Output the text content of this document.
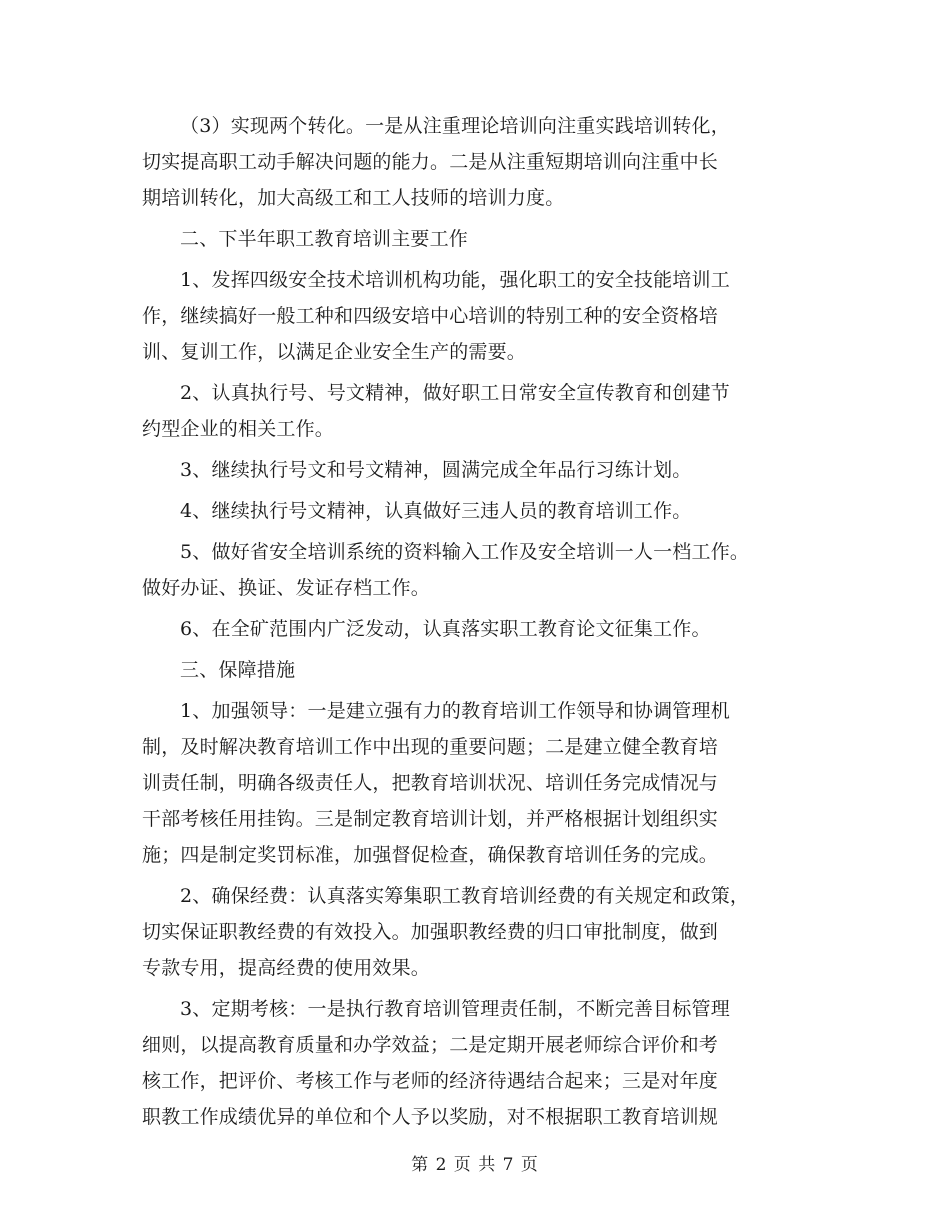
（3）实现两个转化。一是从注重理论培训向注重实践培训转化，
切实提高职工动手解决问题的能力。二是从注重短期培训向注重中长
期培训转化，加大高级工和工人技师的培训力度。

二、下半年职工教育培训主要工作

1、发挥四级安全技术培训机构功能，强化职工的安全技能培训工
作，继续搞好一般工种和四级安培中心培训的特别工种的安全资格培
训、复训工作，以满足企业安全生产的需要。

2、认真执行号、号文精神，做好职工日常安全宣传教育和创建节
约型企业的相关工作。

3、继续执行号文和号文精神，圆满完成全年品行习练计划。

4、继续执行号文精神，认真做好三违人员的教育培训工作。

5、做好省安全培训系统的资料输入工作及安全培训一人一档工作。
做好办证、换证、发证存档工作。

6、在全矿范围内广泛发动，认真落实职工教育论文征集工作。

三、保障措施

1、加强领导：一是建立强有力的教育培训工作领导和协调管理机
制，及时解决教育培训工作中出现的重要问题；二是建立健全教育培
训责任制，明确各级责任人，把教育培训状况、培训任务完成情况与
干部考核任用挂钩。三是制定教育培训计划，并严格根据计划组织实
施；四是制定奖罚标准，加强督促检查，确保教育培训任务的完成。

2、确保经费：认真落实筹集职工教育培训经费的有关规定和政策，
切实保证职教经费的有效投入。加强职教经费的归口审批制度，做到
专款专用，提高经费的使用效果。

3、定期考核：一是执行教育培训管理责任制，不断完善目标管理
细则，以提高教育质量和办学效益；二是定期开展老师综合评价和考
核工作，把评价、考核工作与老师的经济待遇结合起来；三是对年度
职教工作成绩优异的单位和个人予以奖励，对不根据职工教育培训规

第 2 页 共 7 页
